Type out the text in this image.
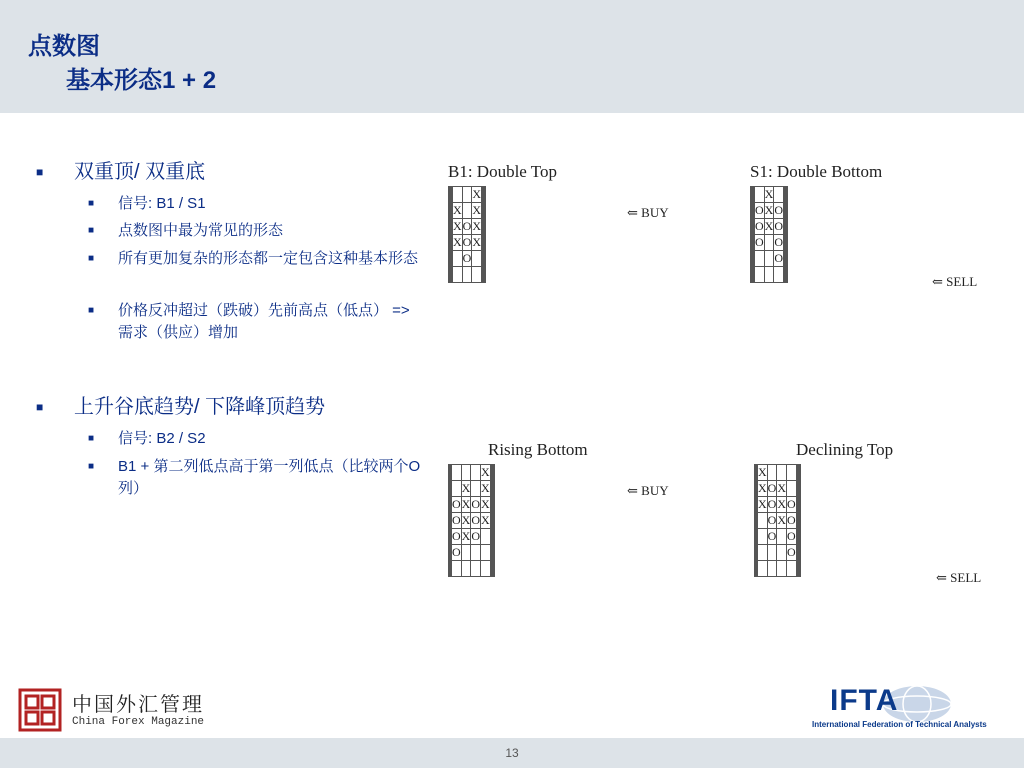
点数图
基本形态1 + 2
■ 双重顶/ 双重底
■ 信号: B1 / S1
■ 点数图中最为常见的形态
■ 所有更加复杂的形态都一定包含这种基本形态
■ 价格反冲超过（跌破）先前高点（低点） =>需求（供应）增加
■ 上升谷底趋势/ 下降峰顶趋势
■ 信号: B2 / S2
■ B1 + 第二列低点高于第一列低点（比较两个O列）
B1: Double Top
						X				
				X		X				
				X	O	X				
				X	O	X				
					O					

⇐ BUY
S1: Double Bottom
					X					
				O	X	O				
				O	X	O				
				O		O				
						O				

⇐ SELL
Rising Bottom
						X				
				X		X				
			O	X	O	X				
			O	X	O	X				
			O	X	O					
			O							

⇐ BUY
Declining Top
			X							
			X	O	X					
			X	O	X	O				
				O	X	O				
				O		O				
						O				

⇐ SELL
中国外汇管理
China Forex Magazine
IFTA
International Federation of Technical Analysts
13
